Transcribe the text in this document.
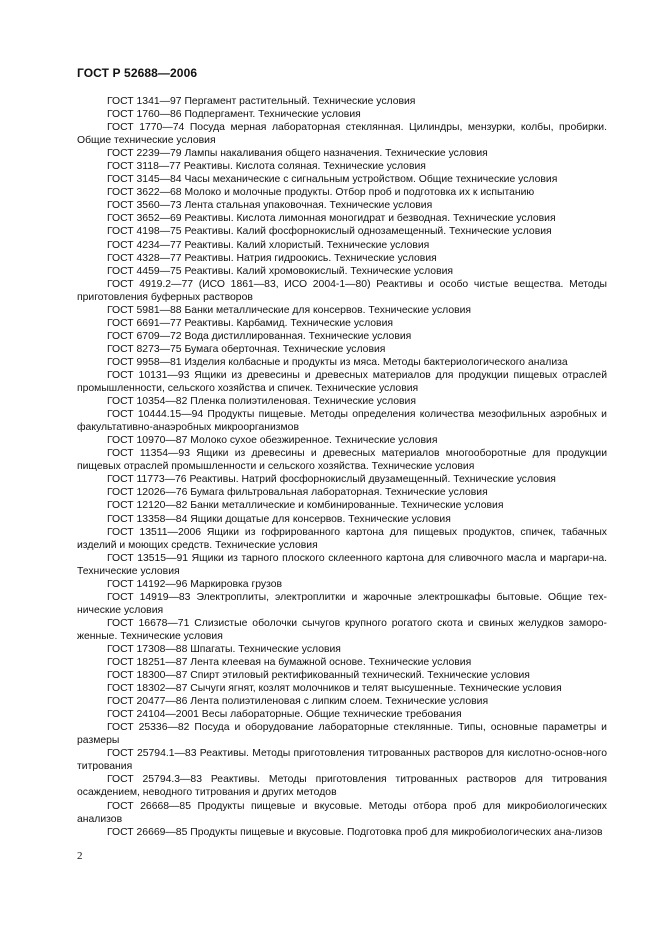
ГОСТ Р 52688—2006

ГОСТ 1341—97 Пергамент растительный. Технические условия

ГОСТ 1760—86 Подпергамент. Технические условия

ГОСТ 1770—74 Посуда мерная лабораторная стеклянная. Цилиндры, мензурки, колбы, пробирки. Общие технические условия

ГОСТ 2239—79 Лампы накаливания общего назначения. Технические условия

ГОСТ 3118—77 Реактивы. Кислота соляная. Технические условия

ГОСТ 3145—84 Часы механические с сигнальным устройством. Общие технические условия

ГОСТ 3622—68 Молоко и молочные продукты. Отбор проб и подготовка их к испытанию

ГОСТ 3560—73 Лента стальная упаковочная. Технические условия

ГОСТ 3652—69 Реактивы. Кислота лимонная моногидрат и безводная. Технические условия

ГОСТ 4198—75 Реактивы. Калий фосфорнокислый однозамещенный. Технические условия

ГОСТ 4234—77 Реактивы. Калий хлористый. Технические условия

ГОСТ 4328—77 Реактивы. Натрия гидроокись. Технические условия

ГОСТ 4459—75 Реактивы. Калий хромовокислый. Технические условия

ГОСТ 4919.2—77 (ИСО 1861—83, ИСО 2004-1—80) Реактивы и особо чистые вещества. Методы приготовления буферных растворов

ГОСТ 5981—88 Банки металлические для консервов. Технические условия

ГОСТ 6691—77 Реактивы. Карбамид. Технические условия

ГОСТ 6709—72 Вода дистиллированная. Технические условия

ГОСТ 8273—75 Бумага оберточная. Технические условия

ГОСТ 9958—81 Изделия колбасные и продукты из мяса. Методы бактериологического анализа

ГОСТ 10131—93 Ящики из древесины и древесных материалов для продукции пищевых отраслей промышленности, сельского хозяйства и спичек. Технические условия

ГОСТ 10354—82 Пленка полиэтиленовая. Технические условия

ГОСТ 10444.15—94 Продукты пищевые. Методы определения количества мезофильных аэробных и факультативно-анаэробных микроорганизмов

ГОСТ 10970—87 Молоко сухое обезжиренное. Технические условия

ГОСТ 11354—93 Ящики из древесины и древесных материалов многооборотные для продукции пищевых отраслей промышленности и сельского хозяйства. Технические условия

ГОСТ 11773—76 Реактивы. Натрий фосфорнокислый двузамещенный. Технические условия

ГОСТ 12026—76 Бумага фильтровальная лабораторная. Технические условия

ГОСТ 12120—82 Банки металлические и комбинированные. Технические условия

ГОСТ 13358—84 Ящики дощатые для консервов. Технические условия

ГОСТ 13511—2006 Ящики из гофрированного картона для пищевых продуктов, спичек, табачных изделий и моющих средств. Технические условия

ГОСТ 13515—91 Ящики из тарного плоского склеенного картона для сливочного масла и маргари-на. Технические условия

ГОСТ 14192—96 Маркировка грузов

ГОСТ 14919—83 Электроплиты, электроплитки и жарочные электрошкафы бытовые. Общие тех-нические условия

ГОСТ 16678—71 Слизистые оболочки сычугов крупного рогатого скота и свиных желудков заморо-женные. Технические условия

ГОСТ 17308—88 Шпагаты. Технические условия

ГОСТ 18251—87 Лента клеевая на бумажной основе. Технические условия

ГОСТ 18300—87 Спирт этиловый ректификованный технический. Технические условия

ГОСТ 18302—87 Сычуги ягнят, козлят молочников и телят высушенные. Технические условия

ГОСТ 20477—86 Лента полиэтиленовая с липким слоем. Технические условия

ГОСТ 24104—2001 Весы лабораторные. Общие технические требования

ГОСТ 25336—82 Посуда и оборудование лабораторные стеклянные. Типы, основные параметры и размеры

ГОСТ 25794.1—83 Реактивы. Методы приготовления титрованных растворов для кислотно-основ-ного титрования

ГОСТ 25794.3—83 Реактивы. Методы приготовления титрованных растворов для титрования осаждением, неводного титрования и других методов

ГОСТ 26668—85 Продукты пищевые и вкусовые. Методы отбора проб для микробиологических анализов

ГОСТ 26669—85 Продукты пищевые и вкусовые. Подготовка проб для микробиологических ана-лизов

2
